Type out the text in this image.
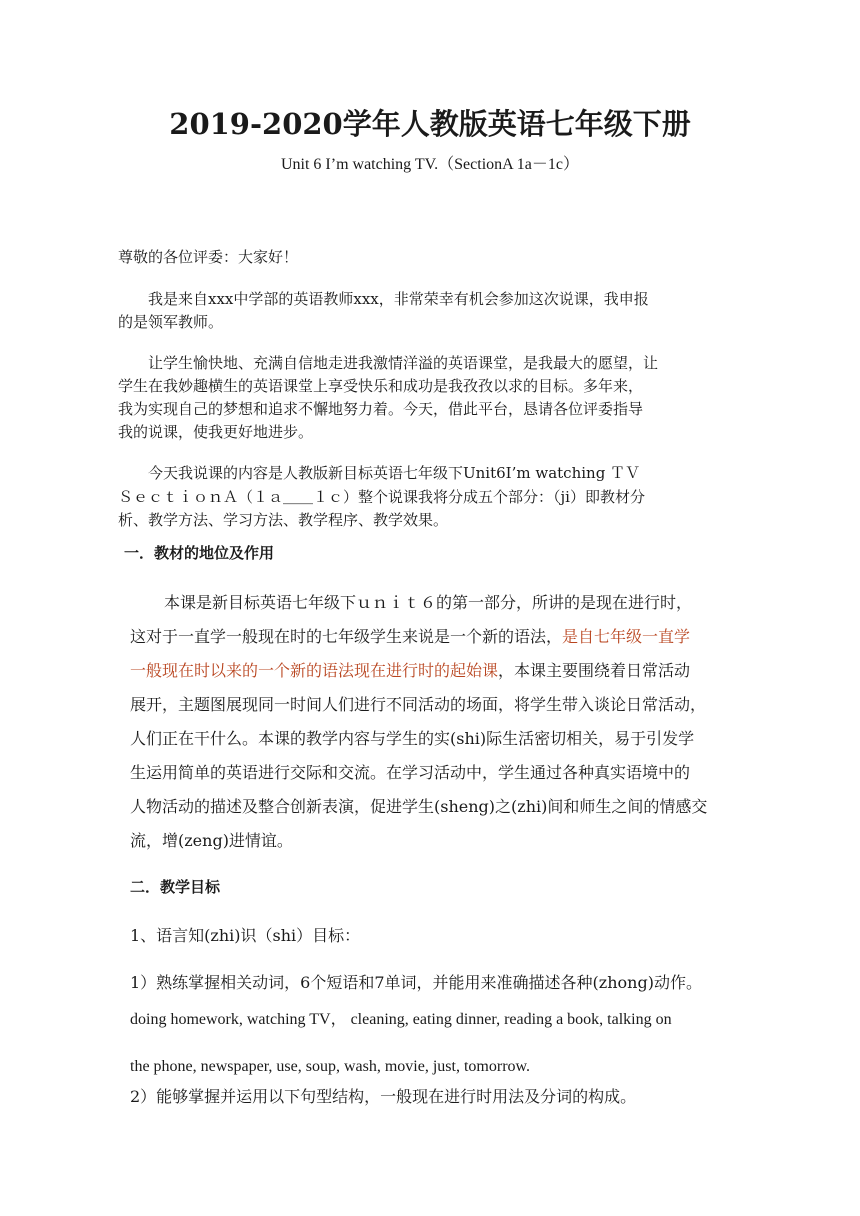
2019-2020学年人教版英语七年级下册
Unit 6 I’m watching TV.（SectionA 1a－1c）
尊敬的各位评委：大家好！
我是来自xxx中学部的英语教师xxx，非常荣幸有机会参加这次说课，我申报
的是领军教师。
让学生愉快地、充满自信地走进我激情洋溢的英语课堂，是我最大的愿望，让
学生在我妙趣横生的英语课堂上享受快乐和成功是我孜孜以求的目标。多年来，
我为实现自己的梦想和追求不懈地努力着。今天，借此平台，恳请各位评委指导
我的说课，使我更好地进步。
今天我说课的内容是人教版新目标英语七年级下Unit6I’m watching ＴＶ
ＳｅｃｔｉｏｎＡ（１ａ＿＿１ｃ）整个说课我将分成五个部分：（ji）即教材分
析、教学方法、学习方法、教学程序、教学效果。
一．教材的地位及作用
本课是新目标英语七年级下ｕｎｉｔ６的第一部分，所讲的是现在进行时，
这对于一直学一般现在时的七年级学生来说是一个新的语法，是自七年级一直学
一般现在时以来的一个新的语法现在进行时的起始课，本课主要围绕着日常活动
展开，主题图展现同一时间人们进行不同活动的场面，将学生带入谈论日常活动，
人们正在干什么。本课的教学内容与学生的实(shi)际生活密切相关，易于引发学
生运用简单的英语进行交际和交流。在学习活动中，学生通过各种真实语境中的
人物活动的描述及整合创新表演，促进学生(sheng)之(zhi)间和师生之间的情感交
流，增(zeng)进情谊。
二．教学目标
1、语言知(zhi)识（shi）目标：
1）熟练掌握相关动词，6个短语和7单词，并能用来准确描述各种(zhong)动作。
doing homework, watching TV， cleaning, eating dinner, reading a book, talking on
the phone, newspaper, use, soup, wash, movie, just, tomorrow.
2）能够掌握并运用以下句型结构，一般现在进行时用法及分词的构成。
